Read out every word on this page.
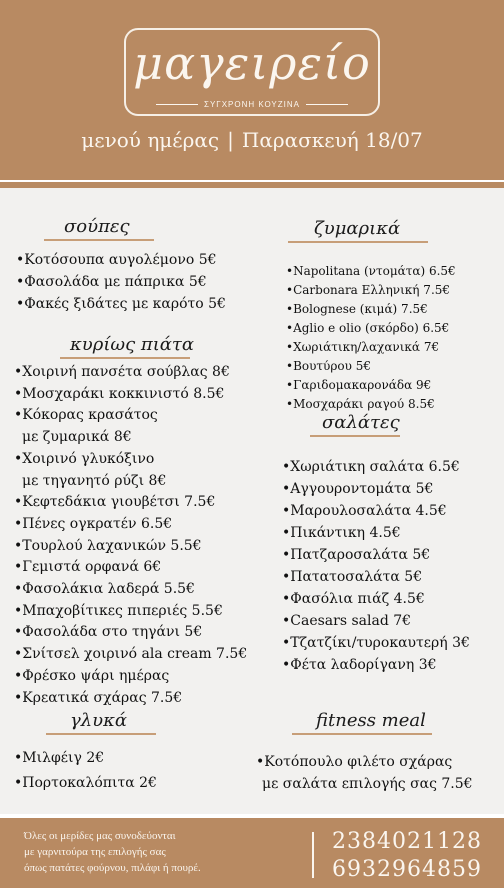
μαγειρείο
ΣΥΓΧΡΟΝΗ ΚΟΥΖΙΝΑ
μενού ημέρας | Παρασκευή 18/07
σούπες
•Κοτόσουπα αυγολέμονο 5€
•Φασολάδα με πάπρικα 5€
•Φακές ξιδάτες με καρότο 5€
ζυμαρικά
•Napolitana (ντομάτα) 6.5€
•Carbonara Ελληνική 7.5€
•Bolognese (κιμά) 7.5€
•Aglio e olio (σκόρδο) 6.5€
•Χωριάτικη/λαχανικά 7€
•Βουτύρου 5€
•Γαριδομακαρονάδα 9€
•Μοσχαράκι ραγού 8.5€
κυρίως πιάτα
•Χοιρινή πανσέτα σούβλας 8€
•Μοσχαράκι κοκκινιστό 8.5€
•Κόκορας κρασάτος
με ζυμαρικά 8€
•Χοιρινό γλυκόξινο
με τηγανητό ρύζι 8€
•Κεφτεδάκια γιουβέτσι 7.5€
•Πένες ογκρατέν 6.5€
•Τουρλού λαχανικών 5.5€
•Γεμιστά ορφανά 6€
•Φασολάκια λαδερά 5.5€
•Μπαχοβίτικες πιπεριές 5.5€
•Φασολάδα στο τηγάνι 5€
•Σνίτσελ χοιρινό ala cream 7.5€
•Φρέσκο ψάρι ημέρας
•Κρεατικά σχάρας 7.5€
σαλάτες
•Χωριάτικη σαλάτα 6.5€
•Αγγουροντομάτα 5€
•Μαρουλοσαλάτα 4.5€
•Πικάντικη 4.5€
•Πατζαροσαλάτα 5€
•Πατατοσαλάτα 5€
•Φασόλια πιάζ 4.5€
•Caesars salad 7€
•Τζατζίκι/τυροκαυτερή 3€
•Φέτα λαδορίγανη 3€
γλυκά
•Μιλφέιγ 2€
•Πορτοκαλόπιτα 2€
fitness meal
•Κοτόπουλο φιλέτο σχάρας
με σαλάτα επιλογής σας 7.5€
Όλες οι μερίδες μας συνοδεύονται
με γαρνιτούρα της επιλογής σας
όπως πατάτες φούρνου, πιλάφι ή πουρέ.
2384021128
6932964859
